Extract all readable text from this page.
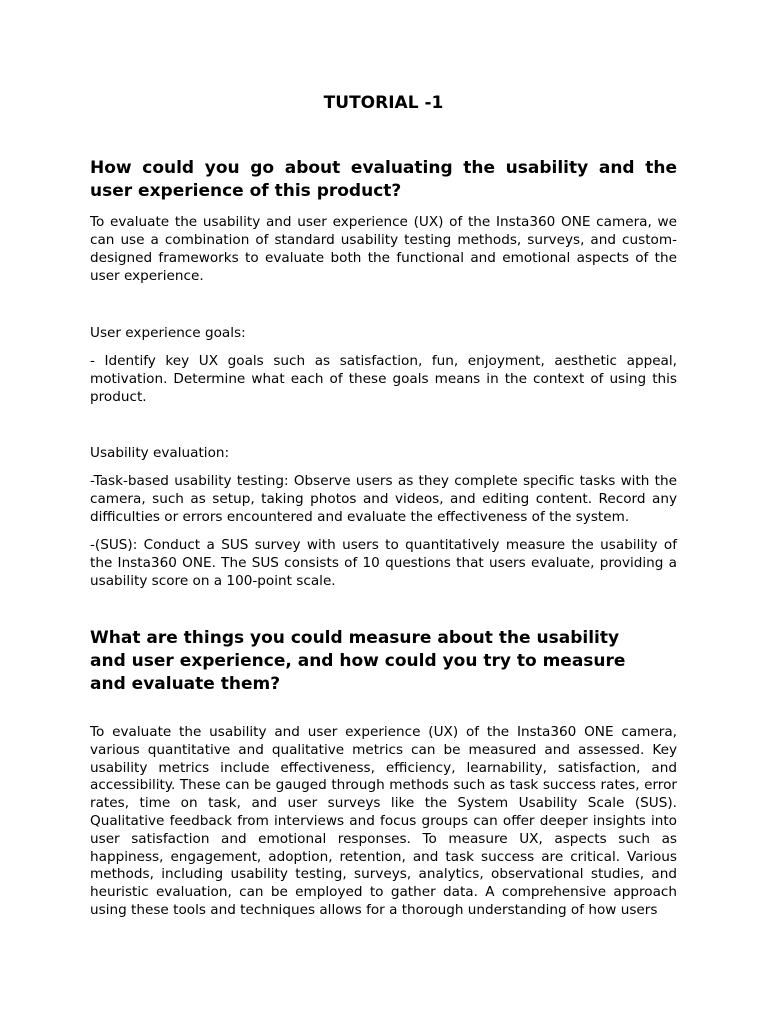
TUTORIAL -1
How could you go about evaluating the usability and the user experience of this product?

To evaluate the usability and user experience (UX) of the Insta360 ONE camera, we can use a combination of standard usability testing methods, surveys, and custom-designed frameworks to evaluate both the functional and emotional aspects of the user experience.

User experience goals:

- Identify key UX goals such as satisfaction, fun, enjoyment, aesthetic appeal, motivation. Determine what each of these goals means in the context of using this product.

Usability evaluation:

-Task-based usability testing: Observe users as they complete specific tasks with the camera, such as setup, taking photos and videos, and editing content. Record any difficulties or errors encountered and evaluate the effectiveness of the system.

-(SUS): Conduct a SUS survey with users to quantitatively measure the usability of the Insta360 ONE. The SUS consists of 10 questions that users evaluate, providing a usability score on a 100-point scale.

What are things you could measure about the usability and user experience, and how could you try to measure and evaluate them?

To evaluate the usability and user experience (UX) of the Insta360 ONE camera, various quantitative and qualitative metrics can be measured and assessed. Key usability metrics include effectiveness, efficiency, learnability, satisfaction, and accessibility. These can be gauged through methods such as task success rates, error rates, time on task, and user surveys like the System Usability Scale (SUS). Qualitative feedback from interviews and focus groups can offer deeper insights into user satisfaction and emotional responses. To measure UX, aspects such as happiness, engagement, adoption, retention, and task success are critical. Various methods, including usability testing, surveys, analytics, observational studies, and heuristic evaluation, can be employed to gather data. A comprehensive approach using these tools and techniques allows for a thorough understanding of how users
